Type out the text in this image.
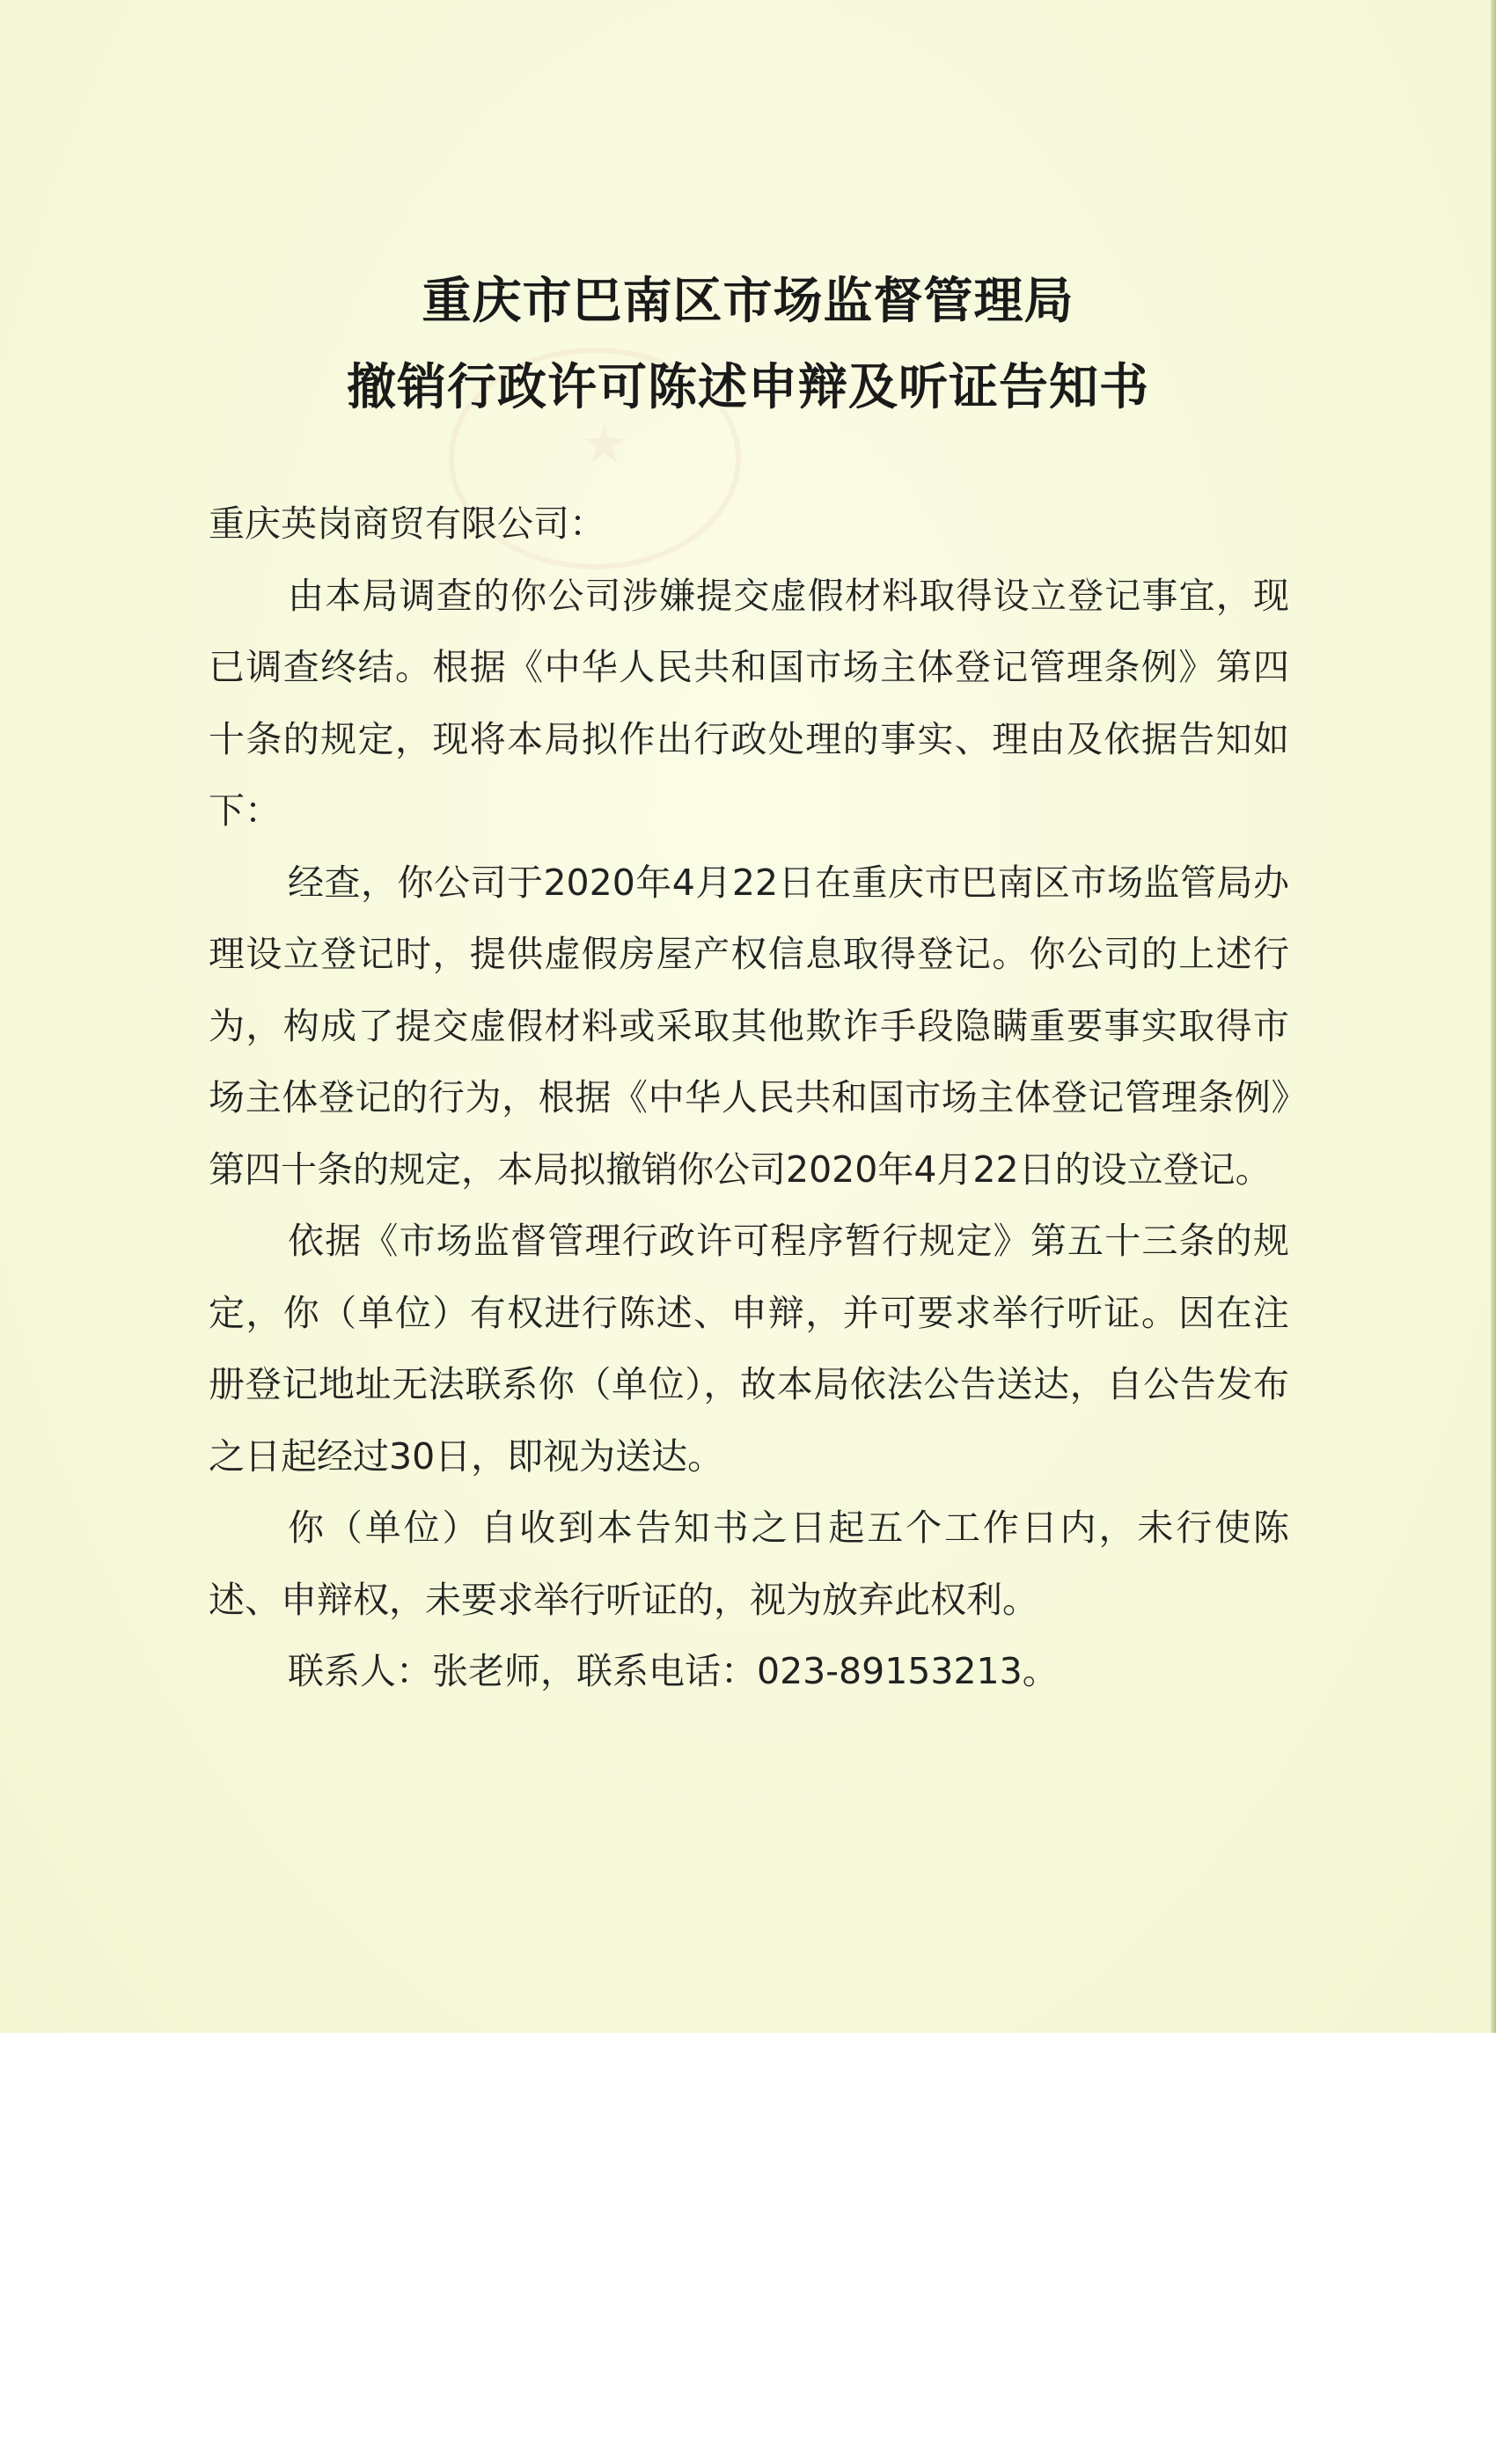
★
重庆市巴南区市场监督管理局
撤销行政许可陈述申辩及听证告知书

重庆英岗商贸有限公司：

由本局调查的你公司涉嫌提交虚假材料取得设立登记事宜，现已调查终结。根据《中华人民共和国市场主体登记管理条例》第四十条的规定，现将本局拟作出行政处理的事实、理由及依据告知如下：

经查，你公司于2020年4月22日在重庆市巴南区市场监管局办理设立登记时，提供虚假房屋产权信息取得登记。你公司的上述行为，构成了提交虚假材料或采取其他欺诈手段隐瞒重要事实取得市场主体登记的行为，根据《中华人民共和国市场主体登记管理条例》第四十条的规定，本局拟撤销你公司2020年4月22日的设立登记。

依据《市场监督管理行政许可程序暂行规定》第五十三条的规定，你（单位）有权进行陈述、申辩，并可要求举行听证。因在注册登记地址无法联系你（单位），故本局依法公告送达，自公告发布之日起经过30日，即视为送达。

你（单位）自收到本告知书之日起五个工作日内，未行使陈述、申辩权，未要求举行听证的，视为放弃此权利。

联系人：张老师，联系电话：023-89153213。
